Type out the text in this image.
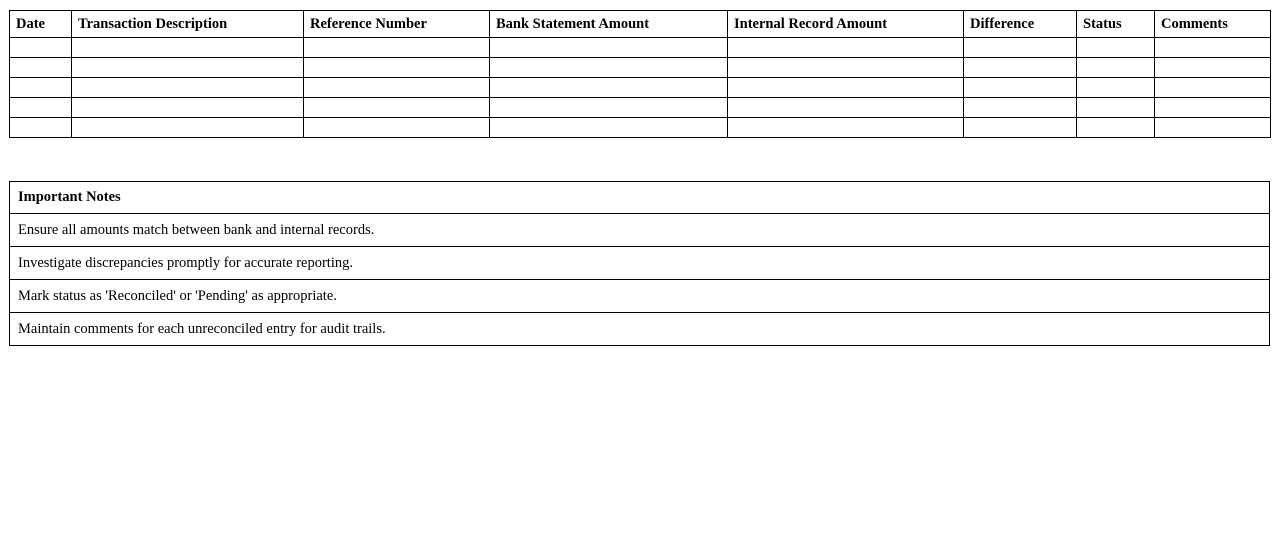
Date	Transaction Description	Reference Number	Bank Statement Amount	Internal Record Amount	Difference	Status	Comments

Important Notes
Ensure all amounts match between bank and internal records.
Investigate discrepancies promptly for accurate reporting.
Mark status as 'Reconciled' or 'Pending' as appropriate.
Maintain comments for each unreconciled entry for audit trails.
